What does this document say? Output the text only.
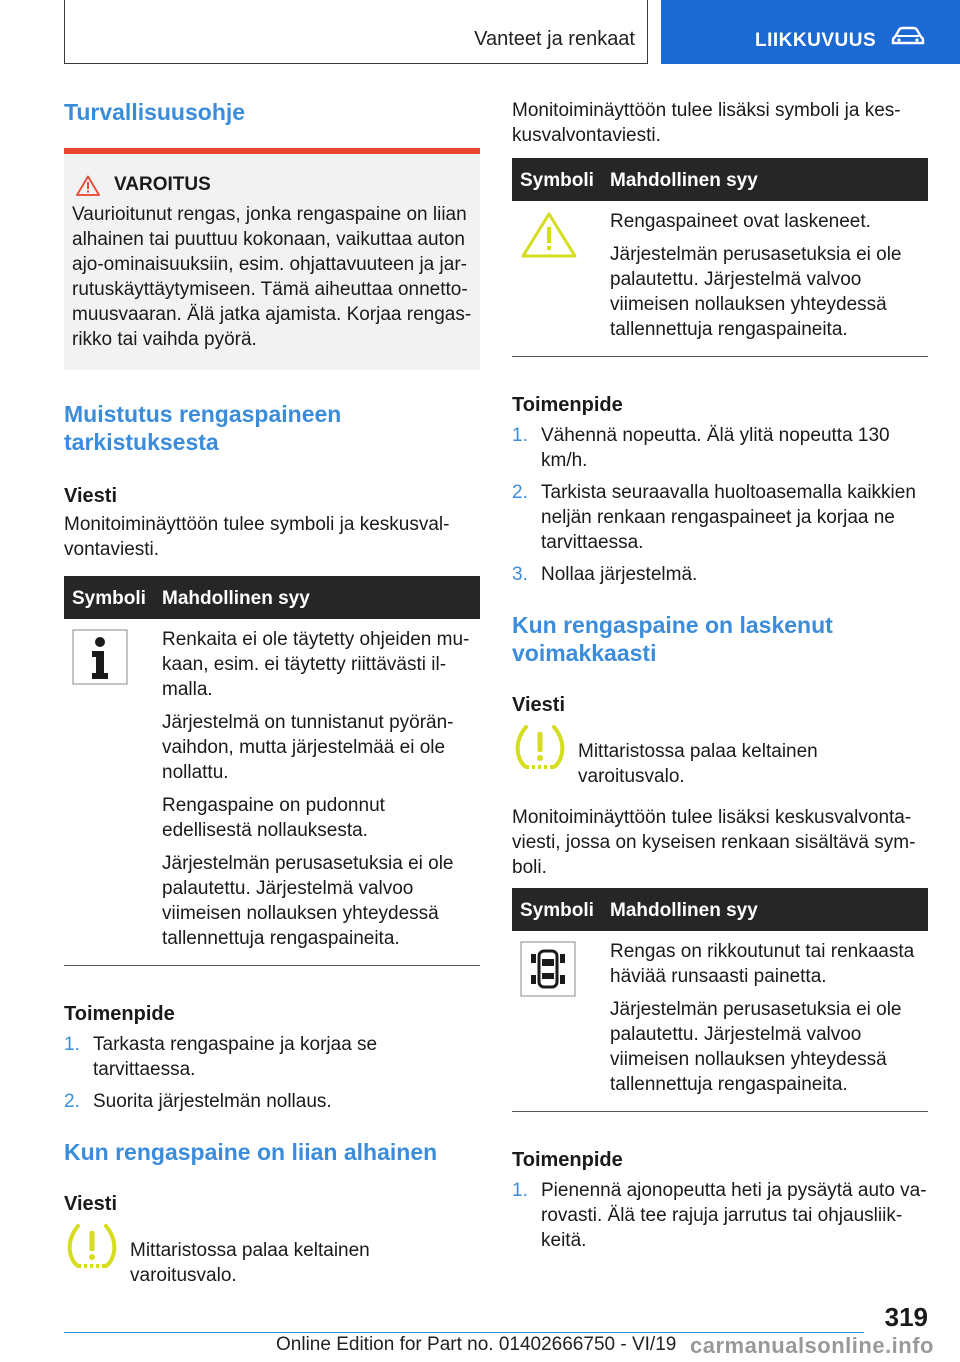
Vanteet ja renkaat	LIIKKUVUUS
Turvallisuusohje
VAROITUS
Vaurioitunut rengas, jonka rengaspaine on liian alhainen tai puuttuu kokonaan, vaikuttaa auton ajo-ominaisuuksiin, esim. ohjattavuuteen ja jarrutuskäyttäytymiseen. Tämä aiheuttaa onnettomuusvaaran. Älä jatka ajamista. Korjaa rengasrikko tai vaihda pyörä.
Muistutus rengaspaineen tarkistuksesta
Viesti

Monitoiminäyttöön tulee symboli ja keskusvalvontaviesti.

Symboli	Mahdollinen syy

Renkaita ei ole täytetty ohjeiden mukaan, esim. ei täytetty riittävästi ilmalla.

Järjestelmä on tunnistanut pyöränvaihdon, mutta järjestelmää ei ole nollattu.

Rengaspaine on pudonnut edellisestä nollauksesta.

Järjestelmän perusasetuksia ei ole palautettu. Järjestelmä valvoo viimeisen nollauksen yhteydessä tallennettuja rengaspaineita.

Toimenpide
1. Tarkasta rengaspaine ja korjaa se tarvittaessa.
2. Suorita järjestelmän nollaus.
Kun rengaspaine on liian alhainen
Viesti
Mittaristossa palaa keltainen varoitusvalo.

Monitoiminäyttöön tulee lisäksi symboli ja keskusvalvontaviesti.

Symboli	Mahdollinen syy

Rengaspaineet ovat laskeneet.

Järjestelmän perusasetuksia ei ole palautettu. Järjestelmä valvoo viimeisen nollauksen yhteydessä tallennettuja rengaspaineita.

Toimenpide
1. Vähennä nopeutta. Älä ylitä nopeutta 130 km/h.
2. Tarkista seuraavalla huoltoasemalla kaikkien neljän renkaan rengaspaineet ja korjaa ne tarvittaessa.
3. Nollaa järjestelmä.
Kun rengaspaine on laskenut voimakkaasti
Viesti
Mittaristossa palaa keltainen varoitusvalo.

Monitoiminäyttöön tulee lisäksi keskusvalvontaviesti, jossa on kyseisen renkaan sisältävä symboli.

Symboli	Mahdollinen syy

Rengas on rikkoutunut tai renkaasta häviää runsaasti painetta.

Järjestelmän perusasetuksia ei ole palautettu. Järjestelmä valvoo viimeisen nollauksen yhteydessä tallennettuja rengaspaineita.

Toimenpide
1. Pienennä ajonopeutta heti ja pysäytä auto varovasti. Älä tee rajuja jarrutus tai ohjausliikkeitä.
319
Online Edition for Part no. 01402666750 - VI/19 carmanualsonline.info
